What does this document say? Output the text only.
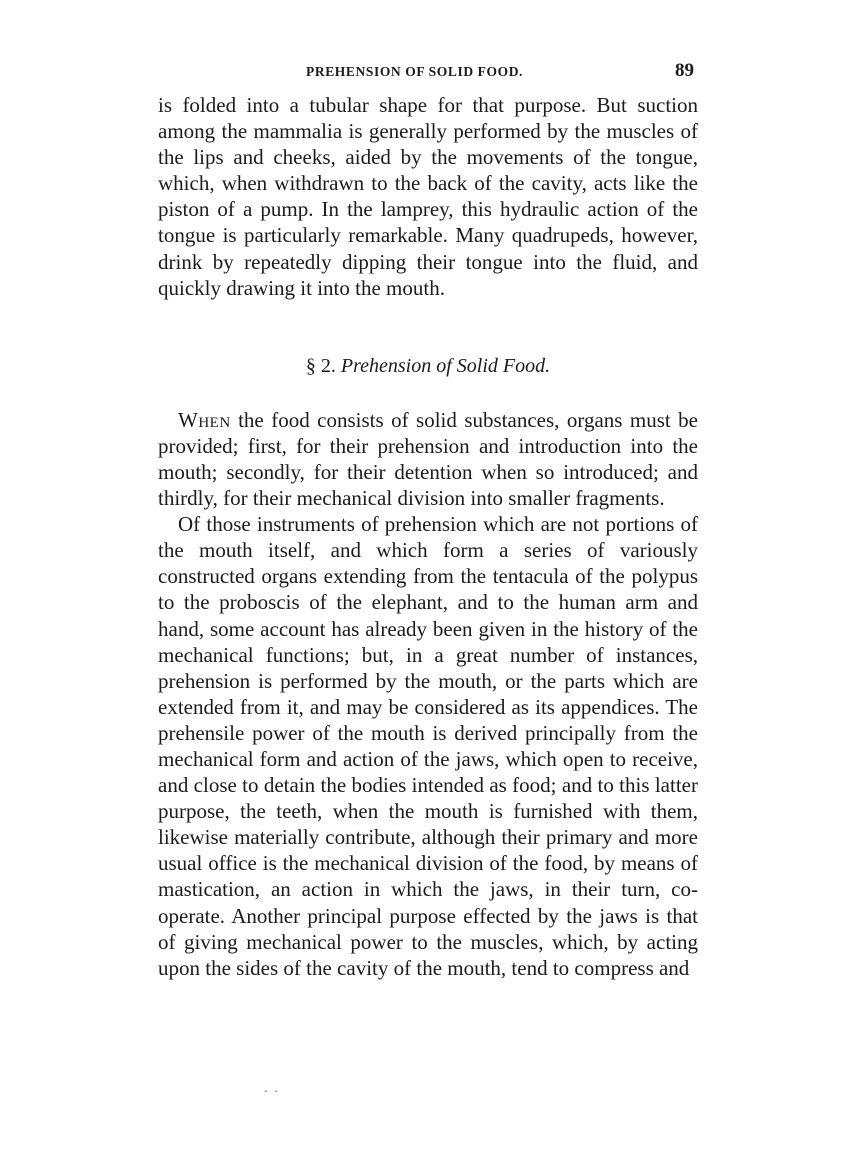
PREHENSION OF SOLID FOOD.	89

is folded into a tubular shape for that purpose. But suction among the mammalia is generally performed by the muscles of the lips and cheeks, aided by the movements of the tongue, which, when withdrawn to the back of the cavity, acts like the piston of a pump. In the lamprey, this hydraulic action of the tongue is particularly remarkable. Many quadrupeds, however, drink by repeatedly dipping their tongue into the fluid, and quickly drawing it into the mouth.

§ 2. Prehension of Solid Food.

When the food consists of solid substances, organs must be provided; first, for their prehension and introduction into the mouth; secondly, for their detention when so introduced; and thirdly, for their mechanical division into smaller fragments.

Of those instruments of prehension which are not portions of the mouth itself, and which form a series of variously constructed organs extending from the tentacula of the polypus to the proboscis of the elephant, and to the human arm and hand, some account has already been given in the history of the mechanical functions; but, in a great number of instances, prehension is performed by the mouth, or the parts which are extended from it, and may be considered as its appendices. The prehensile power of the mouth is derived principally from the mechanical form and action of the jaws, which open to receive, and close to detain the bodies intended as food; and to this latter purpose, the teeth, when the mouth is furnished with them, likewise materially contribute, although their primary and more usual office is the mechanical division of the food, by means of mastication, an action in which the jaws, in their turn, co-operate. Another principal purpose effected by the jaws is that of giving mechanical power to the muscles, which, by acting upon the sides of the cavity of the mouth, tend to compress and

- -
